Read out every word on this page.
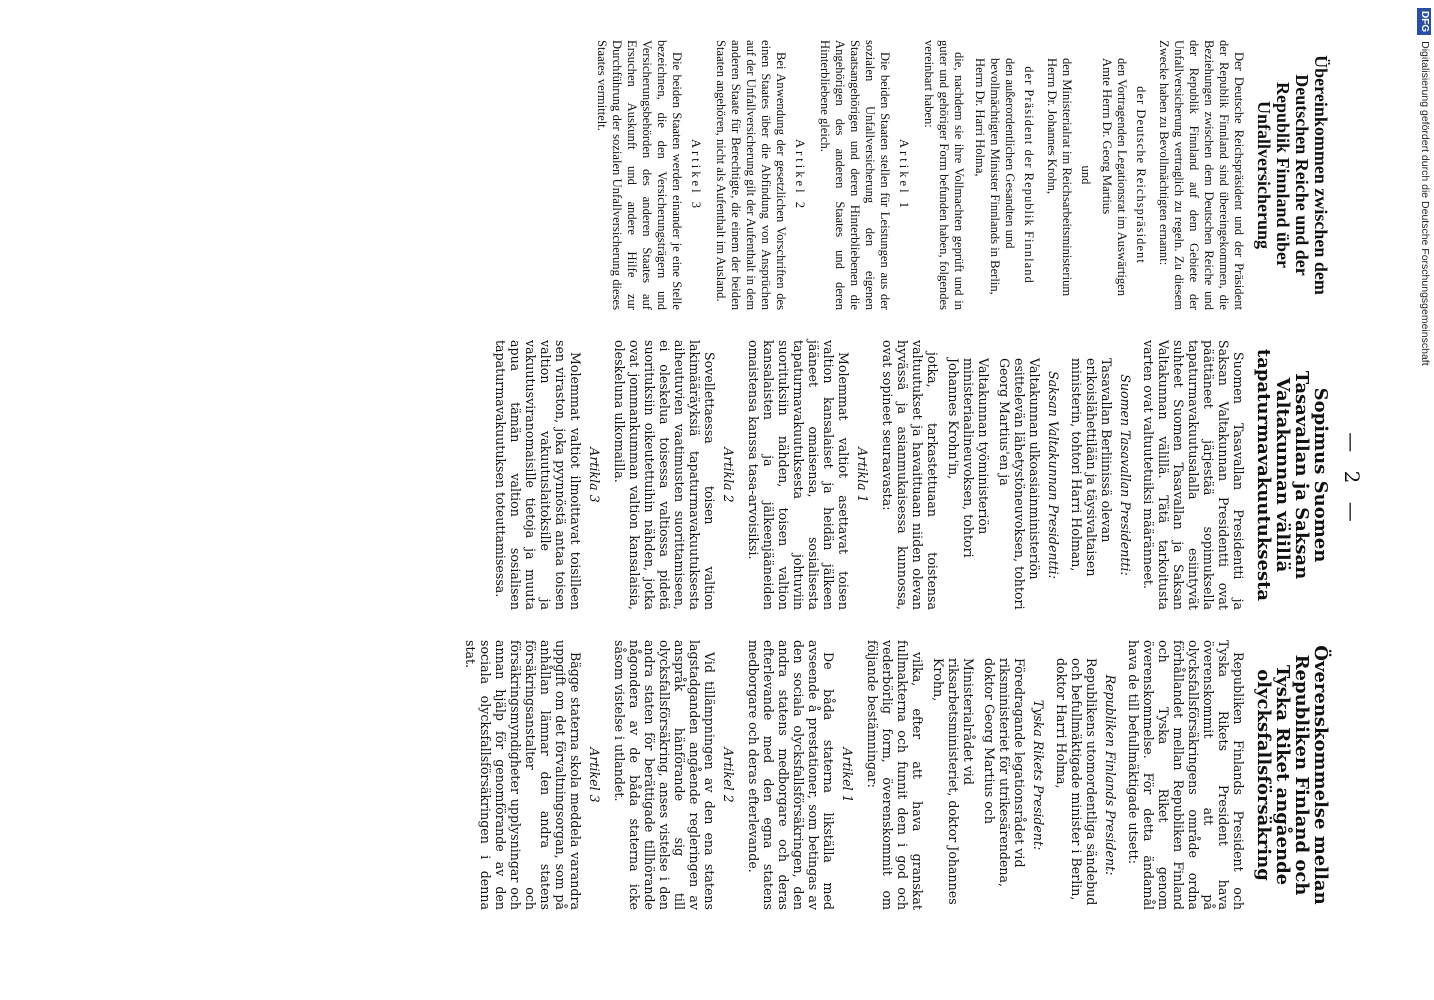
— 2 —
Übereinkommen zwischen dem Deutschen Reiche und der Republik Finnland über Unfallversicherung

Der Deutsche Reichspräsident und der Präsident der Republik Finnland sind übereingekommen, die Beziehungen zwischen dem Deutschen Reiche und der Republik Finnland auf dem Gebiete der Unfallversicherung vertraglich zu regeln. Zu diesem Zwecke haben zu Bevollmächtigten ernannt:

der Deutsche Reichspräsident

den Vortragenden Legationsrat im Auswärtigen Amte Herrn Dr. Georg Martius

und

den Ministerialrat im Reichsarbeitsministerium Herrn Dr. Johannes Krohn,

der Präsident der Republik Finnland

den außerordentlichen Gesandten und bevollmächtigten Minister Finnlands in Berlin, Herrn Dr. Harri Holma,

die, nachdem sie ihre Vollmachten geprüft und in guter und gehöriger Form befunden haben, folgendes vereinbart haben:

Artikel 1

Die beiden Staaten stellen für Leistungen aus der sozialen Unfallversicherung den eigenen Staatsangehörigen und deren Hinterbliebenen die Angehörigen des anderen Staates und deren Hinterbliebene gleich.

Artikel 2

Bei Anwendung der gesetzlichen Vorschriften des einen Staates über die Abfindung von Ansprüchen auf der Unfallversicherung gilt der Aufenthalt in dem anderen Staate für Berechtigte, die einem der beiden Staaten angehören, nicht als Aufenthalt im Ausland.

Artikel 3

Die beiden Staaten werden einander je eine Stelle bezeichnen, die den Versicherungsträgern und Versicherungsbehörden des anderen Staates auf Ersuchen Auskunft und andere Hilfe zur Durchführung der sozialen Unfallversicherung dieses Staates vermittelt.

Sopimus Suomen Tasavallan ja Saksan Valtakunnan välillä tapaturmavakuutuksesta

Suomen Tasavallan Presidentti ja Saksan Valtakunnan Presidentti ovat päättäneet järjestää sopimuksella tapaturmavakuutusalalla esiintyvät suhteet Suomen Tasavallan ja Saksan Valtakunnan välillä. Tätä tarkoitusta varten ovat valtuutetuiksi määränneet.

Suomen Tasavallan Presidentti:

Tasavallan Berliinissä olevan erikoislähettilään ja täysivaltaisen ministerin, tohtori Harri Holman,

Saksan Valtakunnan Presidentti:

Valtakunnan ulkoasiainministeriön esittelevän lähetystöneuvoksen, tohtori Georg Martius'en ja

Valtakunnan työministeriön ministeriaalineuvoksen, tohtori Johannes Krohn'in,

jotka, tarkastettuaan toistensa valtuutukset ja havaittuaan niiden olevan hyvässä ja asianmukaisessa kunnossa, ovat sopineet seuraavasta:

Artikla 1

Molemmat valtiot asettavat toisen valtion kansalaiset ja heidän jälkeen jääneet omaisensa, sosialisesta tapaturmavakuutuksesta johtuviin suorituksiin nähden, toisen valtion kansalaisten ja jälkeenjääneiden omaistensa kanssa tasa-arvoisiksi.

Artikla 2

Sovellettaessa toisen valtion lakimääräyksiä tapaturmavakuutuksesta aiheutuvien vaatimusten suorittamiseen, ei oleskelua toisessa valtiossa pidetä suorituksiin oikeutettuihin nähden, jotka ovat jommankumman valtion kansalaisia, oleskeluna ulkomailla.

Artikla 3

Molemmat valtiot ilmoittavat toisilleen sen viraston, joka pyynnöstä antaa toisen valtion vakuutuslaitoksille ja vakuutusviranomaisille tietoja ja muuta apua tämän valtion sosialisen tapaturmavakuutuksen toteuttamisessa.

Överenskommelse mellan Republiken Finland och Tyska Riket angående olycksfallsförsäkring

Republiken Finlands President och Tyska Rikets President hava överenskommit att på olycksfallsförsäkringens område ordna förhållandet mellan Republiken Finland och Tyska Riket genom överenskommelse. För detta ändamål hava de till befullmäktigade utsett:

Republiken Finlands President:

Republikens utomordentliga sändebud och befullmäktigade minister i Berlin, doktor Harri Holma,

Tyska Rikets President:

Föredragande legationsrådet vid riksministeriet för utrikesärendena, doktor Georg Martius och

Ministerialrådet vid riksarbetsministeriet, doktor Johannes Krohn,

vilka, efter att hava granskat fullmakterna och funnit dem i god och vederbörlig form, överenskommit om följande bestämningar:

Artikel 1

De båda staterna likställa med avseende å prestationer, som betingas av den sociala olycksfallsförsäkringen, den andra statens medborgare och deras efterlevande med den egna statens medborgare och deras efterlevande.

Artikel 2

Vid tillämpningen av den ena statens lagstadganden angående regleringen av anspråk hänförande sig till olycksfallsförsäkring, anses vistelse i den andra staten för berättigade tillhörande någondera av de båda staterna icke såsom vistelse i utlandet.

Artikel 3

Bägge staterna skola meddela varandra uppgift om det förvaltningsorgan, som på anhållan lämnar den andra statens försäkringsanstalter och försäkringsmyndigheter upplysningar och annan hjälp för genomförande av den sociala olycksfallsförsäkringen i denna stat.

DFGDigitalisierung gefördert durch die Deutsche Forschungsgemeinschaft
